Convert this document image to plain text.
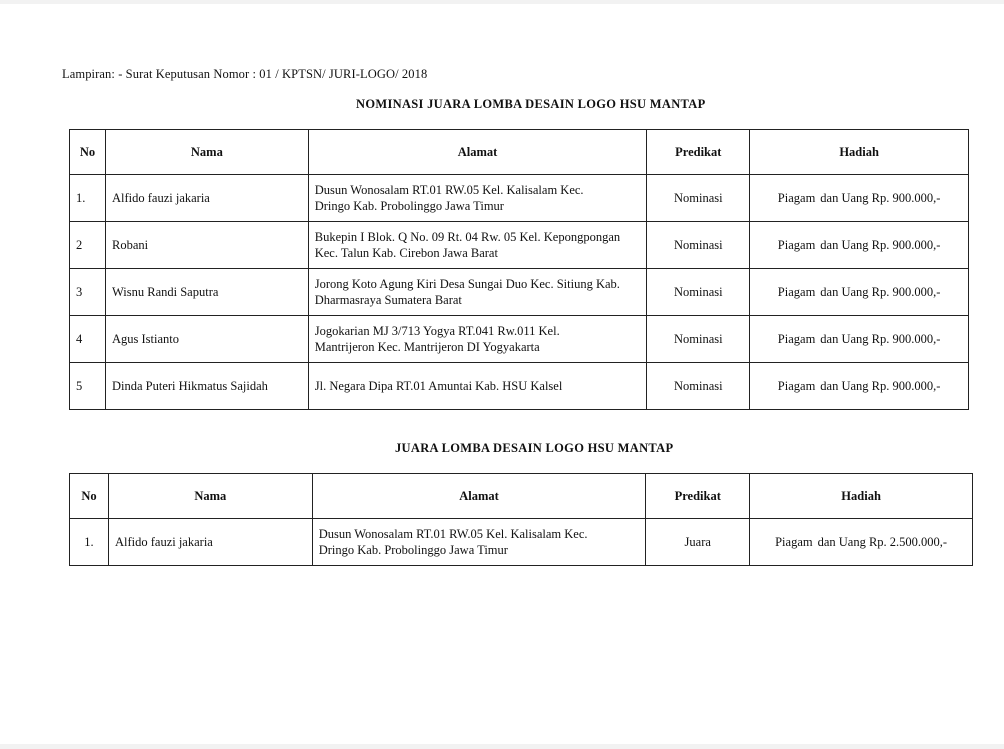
Lampiran: - Surat Keputusan Nomor : 01 / KPTSN/ JURI-LOGO/ 2018
NOMINASI JUARA LOMBA DESAIN LOGO HSU MANTAP
No	Nama	Alamat	Predikat	Hadiah
1.	Alfido fauzi jakaria	Dusun Wonosalam RT.01 RW.05 Kel. Kalisalam Kec.
Dringo Kab. Probolinggo Jawa Timur	Nominasi	Piagam dan Uang Rp. 900.000,-
2	Robani	Bukepin I Blok. Q No. 09 Rt. 04 Rw. 05 Kel. Kepongpongan
Kec. Talun Kab. Cirebon Jawa Barat	Nominasi	Piagam dan Uang Rp. 900.000,-
3	Wisnu Randi Saputra	Jorong Koto Agung Kiri Desa Sungai Duo Kec. Sitiung Kab.
Dharmasraya Sumatera Barat	Nominasi	Piagam dan Uang Rp. 900.000,-
4	Agus Istianto	Jogokarian MJ 3/713 Yogya RT.041 Rw.011 Kel.
Mantrijeron Kec. Mantrijeron DI Yogyakarta	Nominasi	Piagam dan Uang Rp. 900.000,-
5	Dinda Puteri Hikmatus Sajidah	Jl. Negara Dipa RT.01 Amuntai Kab. HSU Kalsel	Nominasi	Piagam dan Uang Rp. 900.000,-
JUARA LOMBA DESAIN LOGO HSU MANTAP
No	Nama	Alamat	Predikat	Hadiah
1.	Alfido fauzi jakaria	Dusun Wonosalam RT.01 RW.05 Kel. Kalisalam Kec.
Dringo Kab. Probolinggo Jawa Timur	Juara	Piagam dan Uang Rp. 2.500.000,-
